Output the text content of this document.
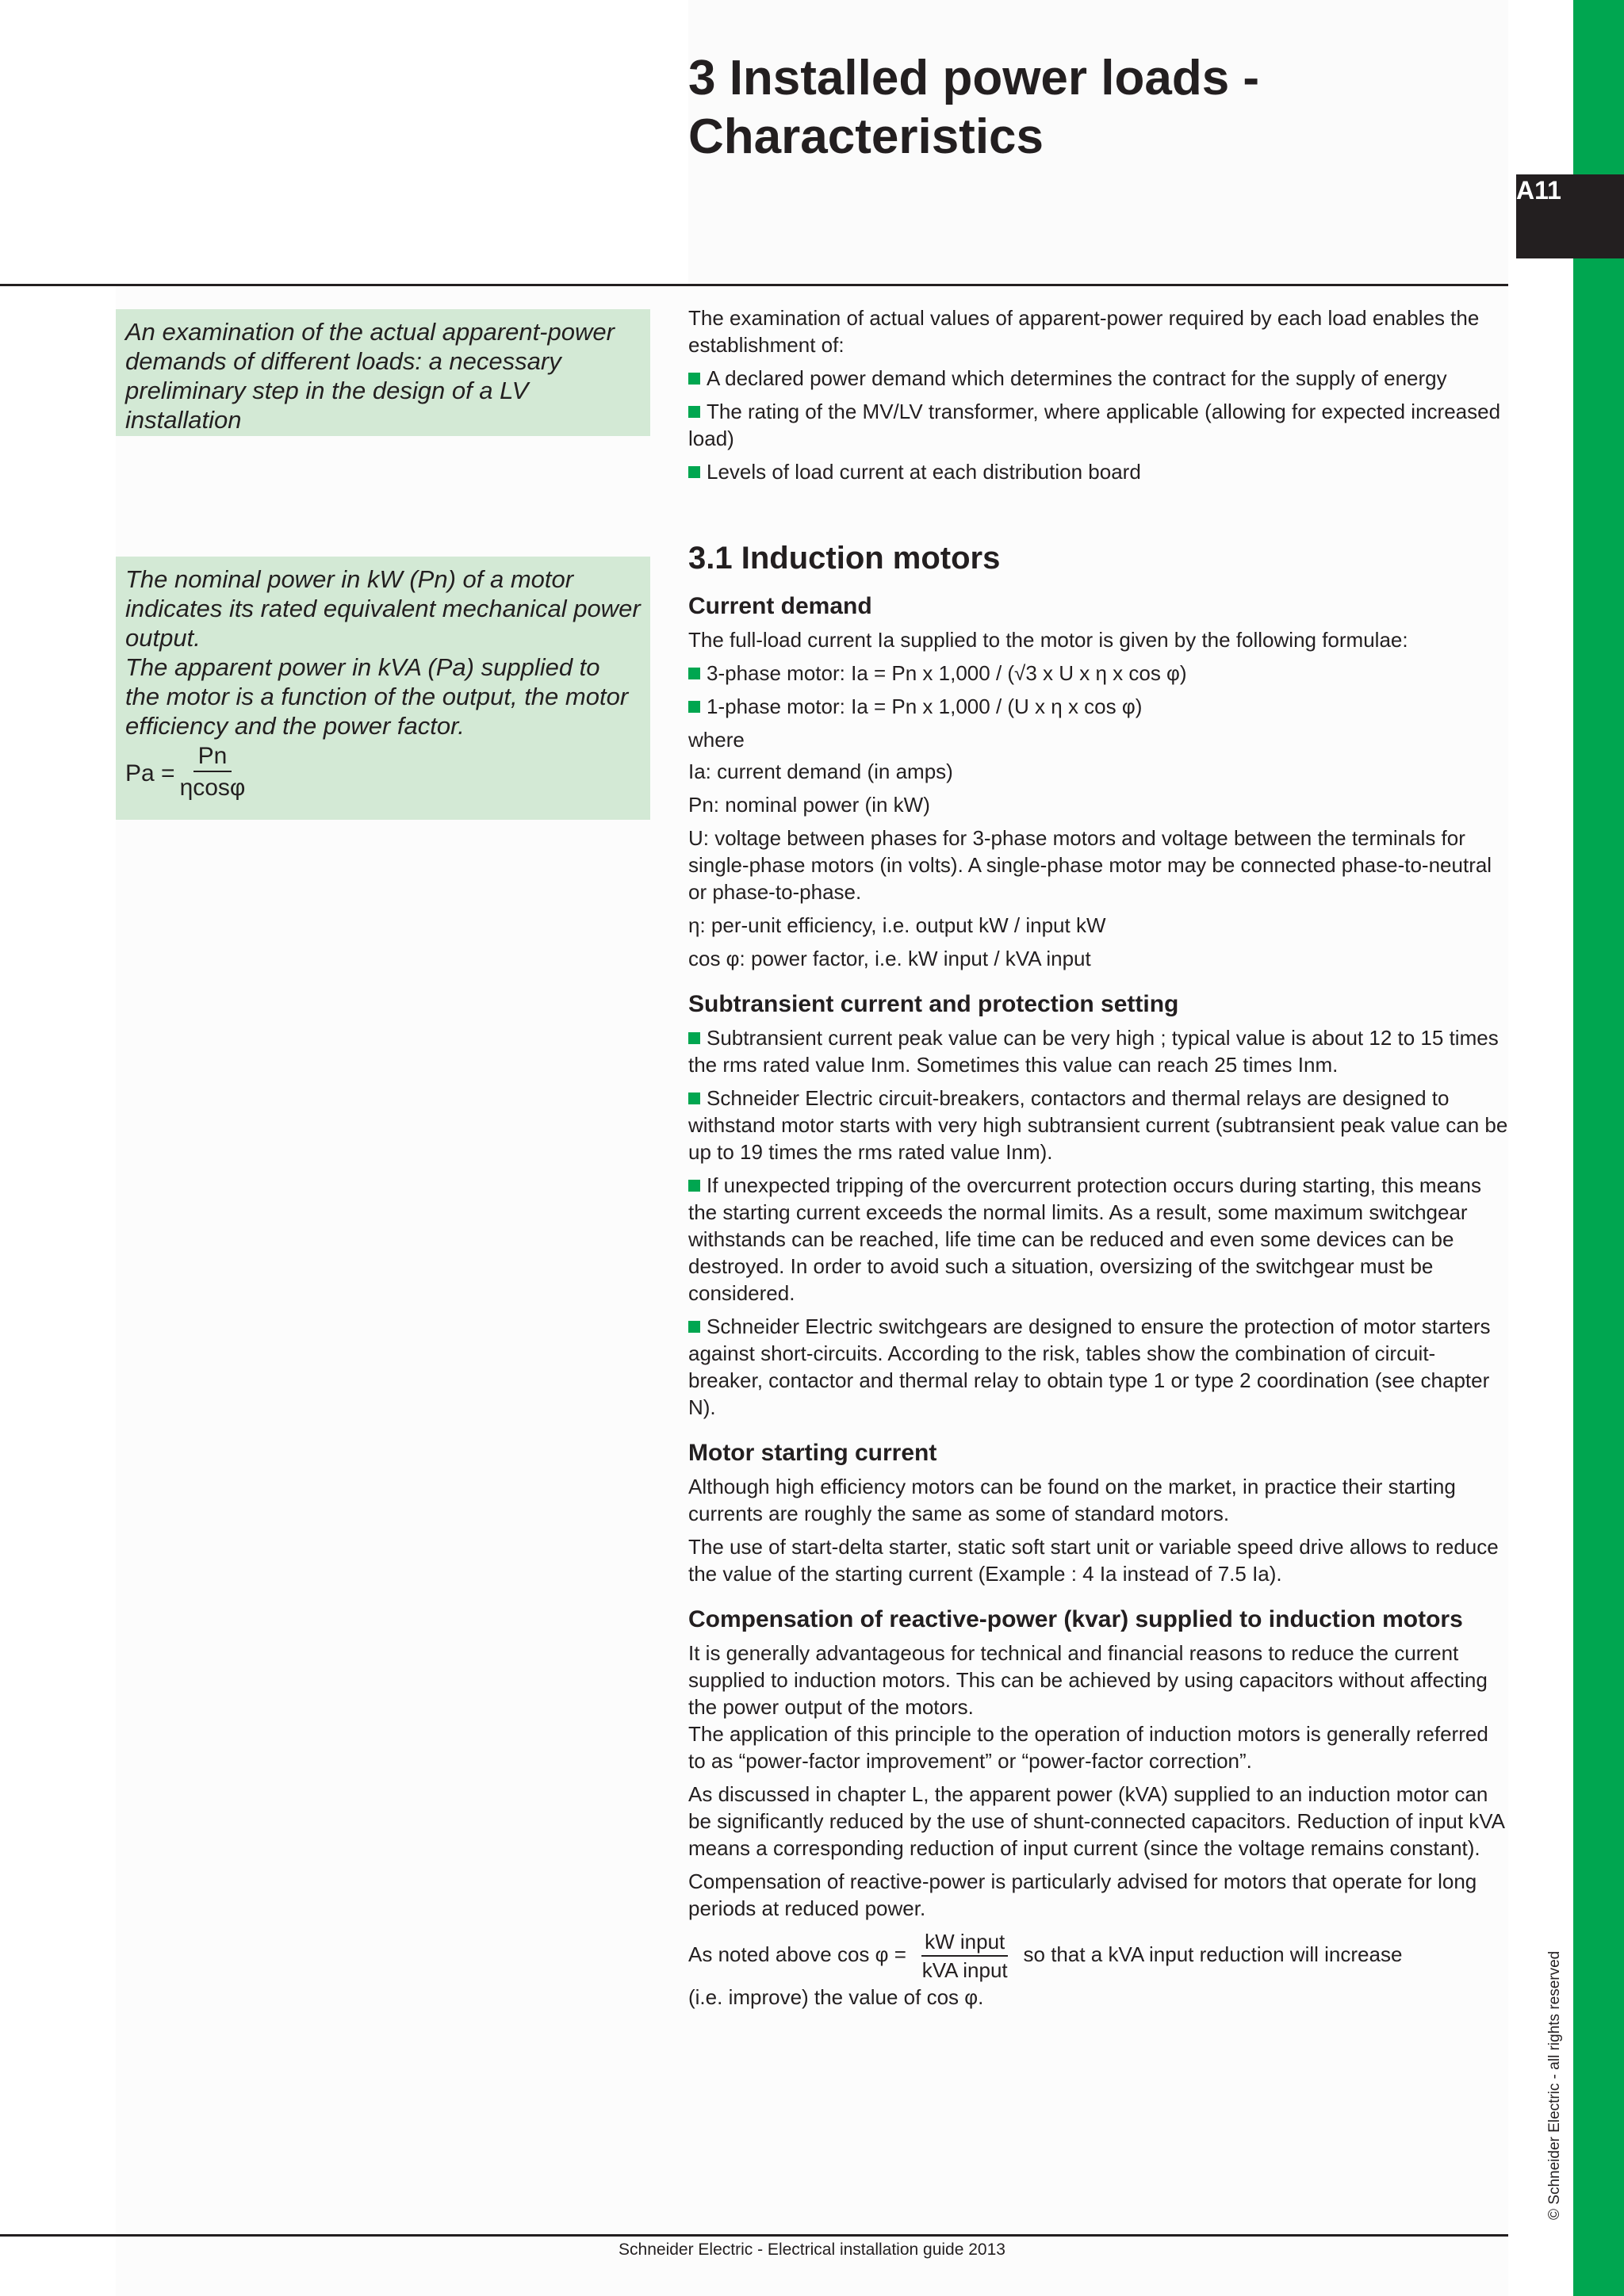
A11
3 Installed power loads -
Characteristics
An examination of the actual apparent-power demands of different loads: a necessary preliminary step in the design of a LV installation
The nominal power in kW (Pn) of a motor indicates its rated equivalent mechanical power output.
The apparent power in kVA (Pa) supplied to the motor is a function of the output, the motor efficiency and the power factor.
$Pa = \frac{Pn}{\eta\cos\varphi}$

The examination of actual values of apparent-power required by each load enables the establishment of:

A declared power demand which determines the contract for the supply of energy

The rating of the MV/LV transformer, where applicable (allowing for expected increased load)

Levels of load current at each distribution board

3.1 Induction motors
Current demand

The full-load current Ia supplied to the motor is given by the following formulae:

3-phase motor: Ia = Pn x 1,000 / (√3 x U x η x cos φ)

1-phase motor: Ia = Pn x 1,000 / (U x η x cos φ)

where

Ia: current demand (in amps)

Pn: nominal power (in kW)

U: voltage between phases for 3-phase motors and voltage between the terminals for single-phase motors (in volts). A single-phase motor may be connected phase-to-neutral or phase-to-phase.

η: per-unit efficiency, i.e. output kW / input kW

cos φ: power factor, i.e. kW input / kVA input

Subtransient current and protection setting

Subtransient current peak value can be very high ; typical value is about 12 to 15 times the rms rated value Inm. Sometimes this value can reach 25 times Inm.

Schneider Electric circuit-breakers, contactors and thermal relays are designed to withstand motor starts with very high subtransient current (subtransient peak value can be up to 19 times the rms rated value Inm).

If unexpected tripping of the overcurrent protection occurs during starting, this means the starting current exceeds the normal limits. As a result, some maximum switchgear withstands can be reached, life time can be reduced and even some devices can be destroyed. In order to avoid such a situation, oversizing of the switchgear must be considered.

Schneider Electric switchgears are designed to ensure the protection of motor starters against short-circuits. According to the risk, tables show the combination of circuit-breaker, contactor and thermal relay to obtain type 1 or type 2 coordination (see chapter N).

Motor starting current

Although high efficiency motors can be found on the market, in practice their starting currents are roughly the same as some of standard motors.

The use of start-delta starter, static soft start unit or variable speed drive allows to reduce the value of the starting current (Example : 4 Ia instead of 7.5 Ia).

Compensation of reactive-power (kvar) supplied to induction motors

It is generally advantageous for technical and financial reasons to reduce the current supplied to induction motors. This can be achieved by using capacitors without affecting the power output of the motors.

The application of this principle to the operation of induction motors is generally referred to as “power-factor improvement” or “power-factor correction”.

As discussed in chapter L, the apparent power (kVA) supplied to an induction motor can be significantly reduced by the use of shunt-connected capacitors. Reduction of input kVA means a corresponding reduction of input current (since the voltage remains constant).

Compensation of reactive-power is particularly advised for motors that operate for long periods at reduced power.

As noted above $\cos \varphi = \frac{\text{kW input}}{\text{kVA input}}$ so that a kVA input reduction will increase

(i.e. improve) the value of cos φ.	© Schneider Electric - all rights reserved
Schneider Electric - Electrical installation guide 2013
